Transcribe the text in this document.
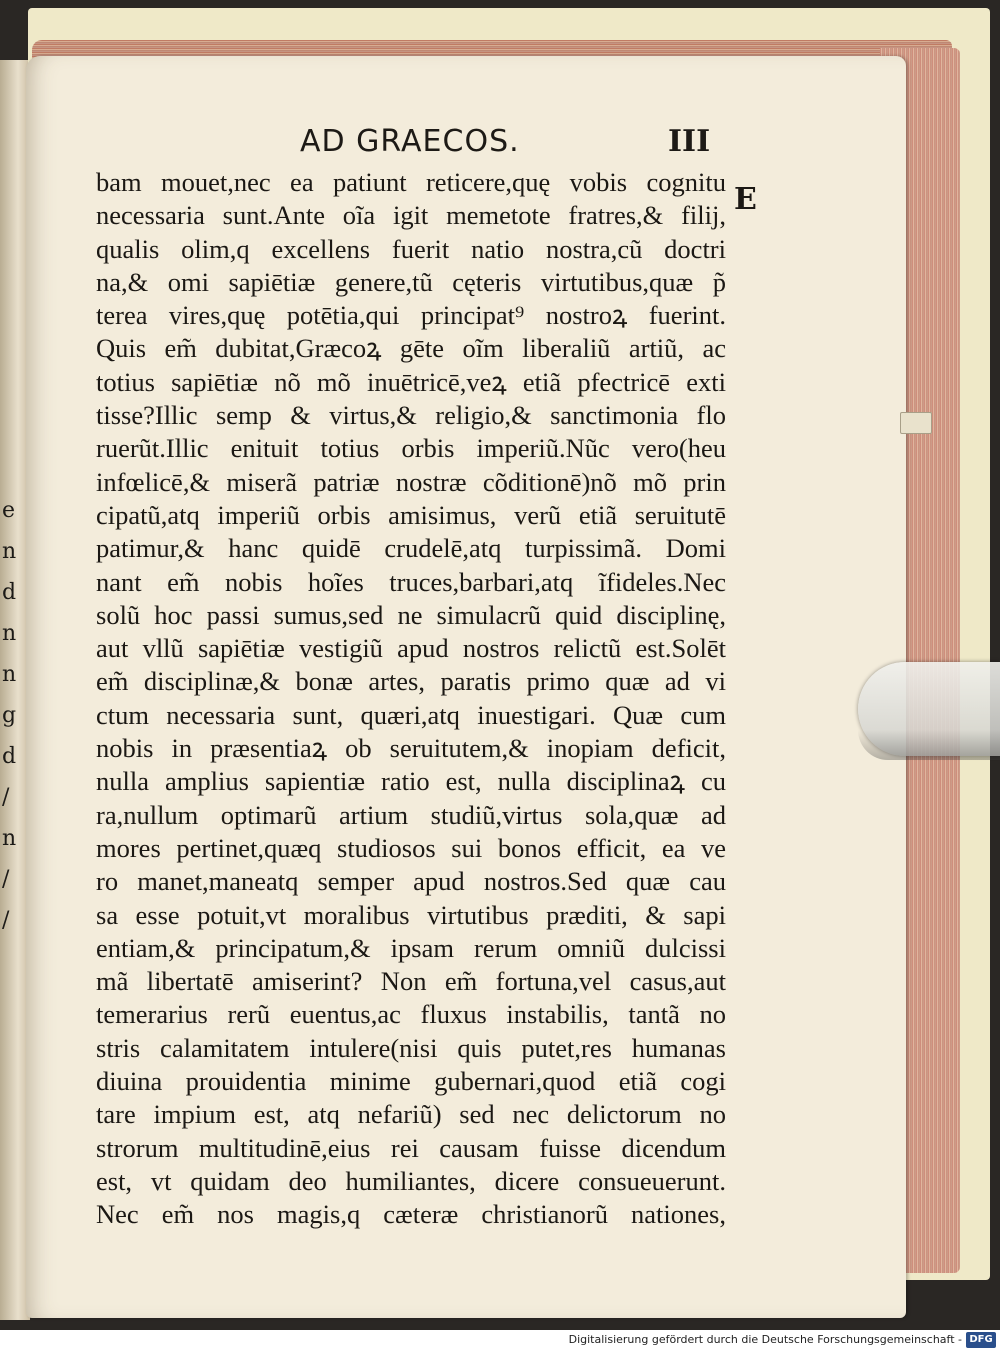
e
n
d
n
n
g
d
/
n
/
/
AD GRAECOS.	III
E
bam mouet,nec ea patiunt reticere,quę vobis cognitu
necessaria sunt.Ante oĩa igit memetote fratres,& filij,
qualis olim,q excellens fuerit natio nostra,cũ doctri
na,& omi sapiētiæ genere,tũ cęteris virtutibus,quæ p̃
terea vires,quę potētia,qui principat⁹ nostroꝝ fuerint.
Quis em̃ dubitat,Græcoꝝ gēte oĩm liberaliũ artiũ, ac
totius sapiētiæ nõ mõ inuētricē,veꝝ etiã pfectricē exti
tisse?Illic semp & virtus,& religio,& sanctimonia flo
ruerũt.Illic enituit totius orbis imperiũ.Nũc vero(heu
infœlicē,& miserã patriæ nostræ cõditionē)nõ mõ prin
cipatũ,atq imperiũ orbis amisimus, verũ etiã seruitutē
patimur,& hanc quidē crudelē,atq turpissimã. Domi
nant em̃ nobis hoĩes truces,barbari,atq ĩfideles.Nec
solũ hoc passi sumus,sed ne simulacrũ quid disciplinę,
aut vllũ sapiētiæ vestigiũ apud nostros relictũ est.Solēt
em̃ disciplinæ,& bonæ artes, paratis primo quæ ad vi
ctum necessaria sunt, quæri,atq inuestigari. Quæ cum
nobis in præsentiaꝝ ob seruitutem,& inopiam deficit,
nulla amplius sapientiæ ratio est, nulla disciplinaꝝ cu
ra,nullum optimarũ artium studiũ,virtus sola,quæ ad
mores pertinet,quæq studiosos sui bonos efficit, ea ve
ro manet,maneatq semper apud nostros.Sed quæ cau
sa esse potuit,vt moralibus virtutibus præditi, & sapi
entiam,& principatum,& ipsam rerum omniũ dulcissi
mã libertatē amiserint? Non em̃ fortuna,vel casus,aut
temerarius rerũ euentus,ac fluxus instabilis, tantã no
stris calamitatem intulere(nisi quis putet,res humanas
diuina prouidentia minime gubernari,quod etiã cogi
tare impium est, atq nefariũ) sed nec delictorum no
strorum multitudinē,eius rei causam fuisse dicendum
est, vt quidam deo humiliantes, dicere consueuerunt.
Nec em̃ nos magis,q cæteræ christianorũ nationes,
Digitalisierung gefördert durch die Deutsche Forschungsgemeinschaft - DFG
